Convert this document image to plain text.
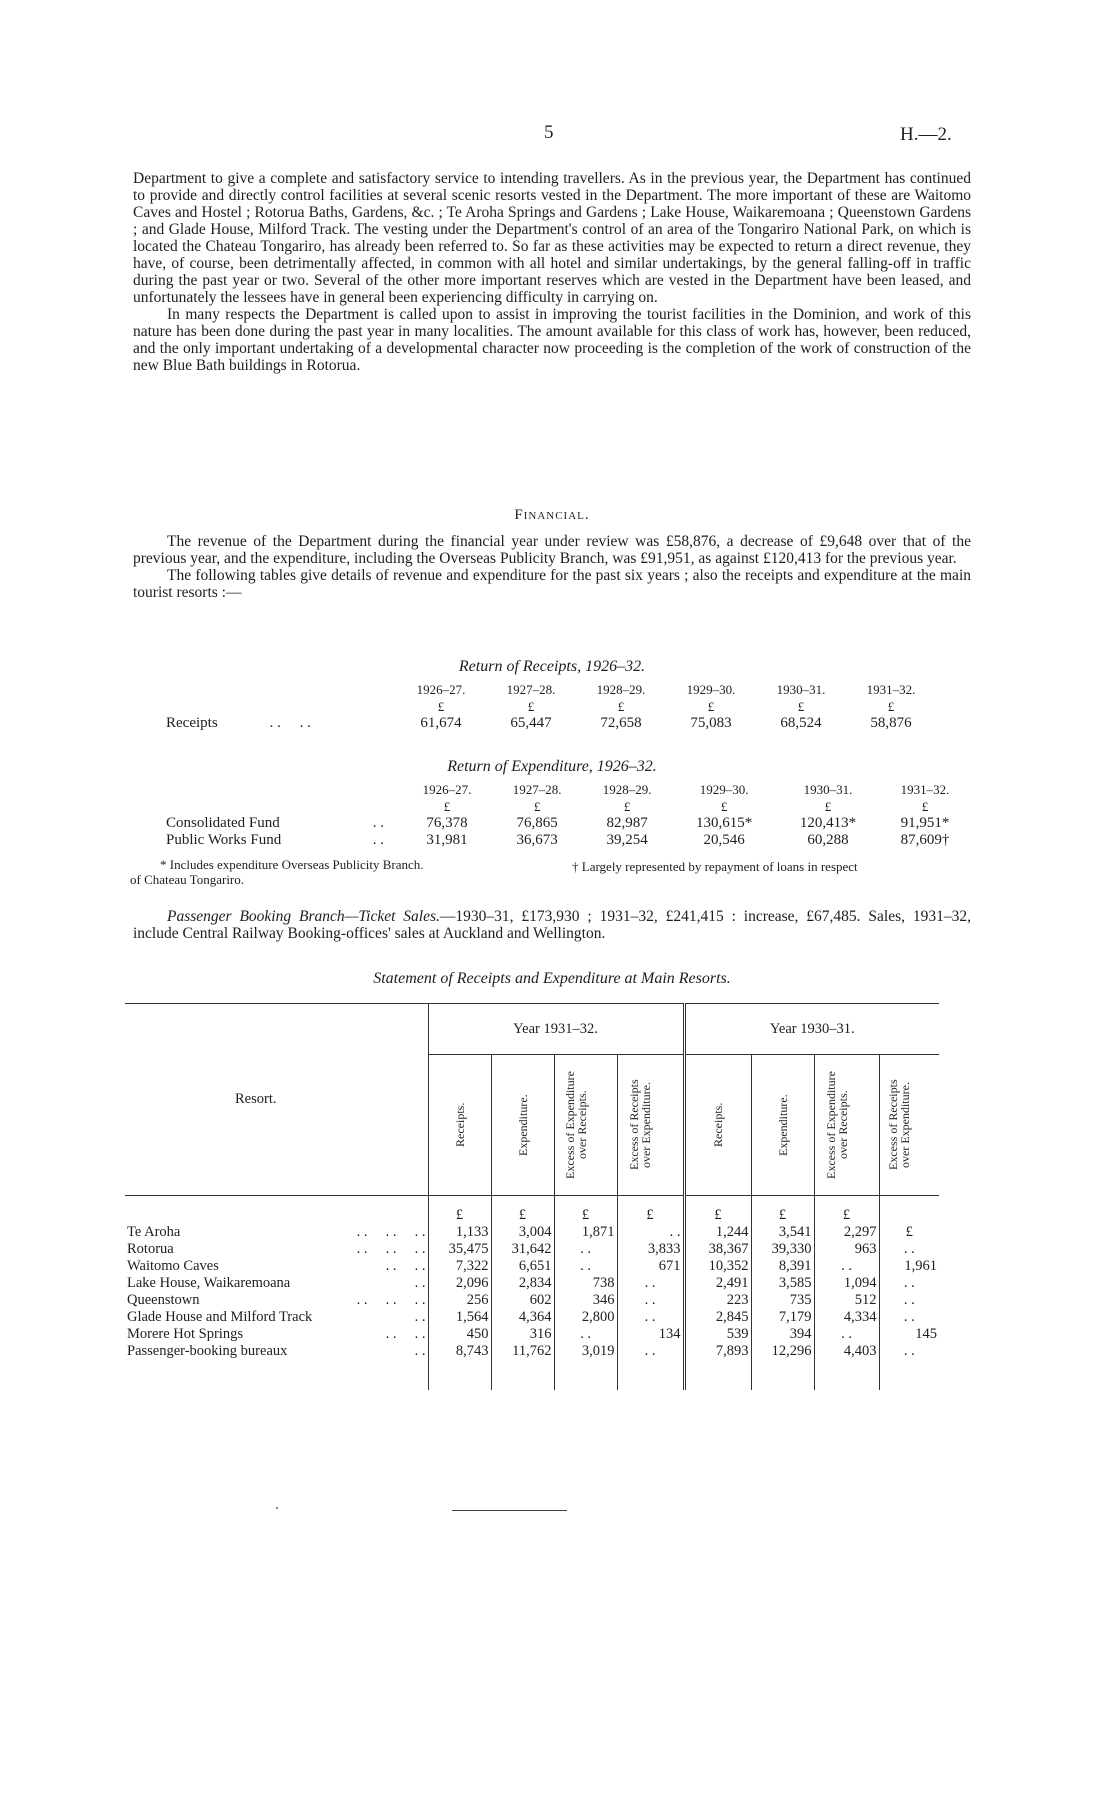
5	H.—2.

Department to give a complete and satisfactory service to intending travellers. As in the previous year, the Department has continued to provide and directly control facilities at several scenic resorts vested in the Department. The more important of these are Waitomo Caves and Hostel ; Rotorua Baths, Gardens, &c. ; Te Aroha Springs and Gardens ; Lake House, Waikaremoana ; Queenstown Gardens ; and Glade House, Milford Track. The vesting under the Department's control of an area of the Tongariro National Park, on which is located the Chateau Tongariro, has already been referred to. So far as these activities may be expected to return a direct revenue, they have, of course, been detrimentally affected, in common with all hotel and similar undertakings, by the general falling-off in traffic during the past year or two. Several of the other more important reserves which are vested in the Department have been leased, and unfortunately the lessees have in general been experiencing difficulty in carrying on.

In many respects the Department is called upon to assist in improving the tourist facilities in the Dominion, and work of this nature has been done during the past year in many localities. The amount available for this class of work has, however, been reduced, and the only important undertaking of a developmental character now proceeding is the completion of the work of construction of the new Blue Bath buildings in Rotorua.

Financial.

The revenue of the Department during the financial year under review was £58,876, a decrease of £9,648 over that of the previous year, and the expenditure, including the Overseas Publicity Branch, was £91,951, as against £120,413 for the previous year.

The following tables give details of revenue and expenditure for the past six years ; also the receipts and expenditure at the main tourist resorts :—

Return of Receipts, 1926–32.
	1926–27.	1927–28.	1928–29.	1929–30.	1930–31.	1931–32.
	£	£	£	£	£	£
Receipts . .     . .	61,674	65,447	72,658	75,083	68,524	58,876
Return of Expenditure, 1926–32.
	1926–27.	1927–28.	1928–29.	1929–30.	1930–31.	1931–32.
	£	£	£	£	£	£
Consolidated Fund . .	76,378	76,865	82,987	130,615*	120,413*	91,951*
Public Works Fund . .	31,981	36,673	39,254	20,546	60,288	87,609†
* Includes expenditure Overseas Publicity Branch.	† Largely represented by repayment of loans in respect
of Chateau Tongariro.

Passenger Booking Branch—Ticket Sales.—1930–31, £173,930 ; 1931–32, £241,415 : increase, £67,485. Sales, 1931–32, include Central Railway Booking-offices' sales at Auckland and Wellington.

Statement of Receipts and Expenditure at Main Resorts.
Resort.	Year 1931–32.				Year 1930–31.			

	Receipts.	Expenditure.	Excess of Expenditure over Receipts.	Excess of Receipts over Expenditure.	Receipts.	Expenditure.	Excess of Expenditure over Receipts.	Excess of Receipts over Expenditure.

	£	£	£	£	£	£	£	
Te Aroha . .     . .     . .	1,133	3,004	1,871	. .	1,244	3,541	2,297	£
Rotorua . .     . .     . .	35,475	31,642	. .	3,833	38,367	39,330	963	. .
Waitomo Caves . .     . .	7,322	6,651	. .	671	10,352	8,391	. .	1,961
Lake House, Waikaremoana . .	2,096	2,834	738	. .	2,491	3,585	1,094	. .
Queenstown . .     . .     . .	256	602	346	. .	223	735	512	. .
Glade House and Milford Track . .	1,564	4,364	2,800	. .	2,845	7,179	4,334	. .
Morere Hot Springs . .     . .	450	316	. .	134	539	394	. .	145
Passenger-booking bureaux . .	8,743	11,762	3,019	. .	7,893	12,296	4,403	. .
